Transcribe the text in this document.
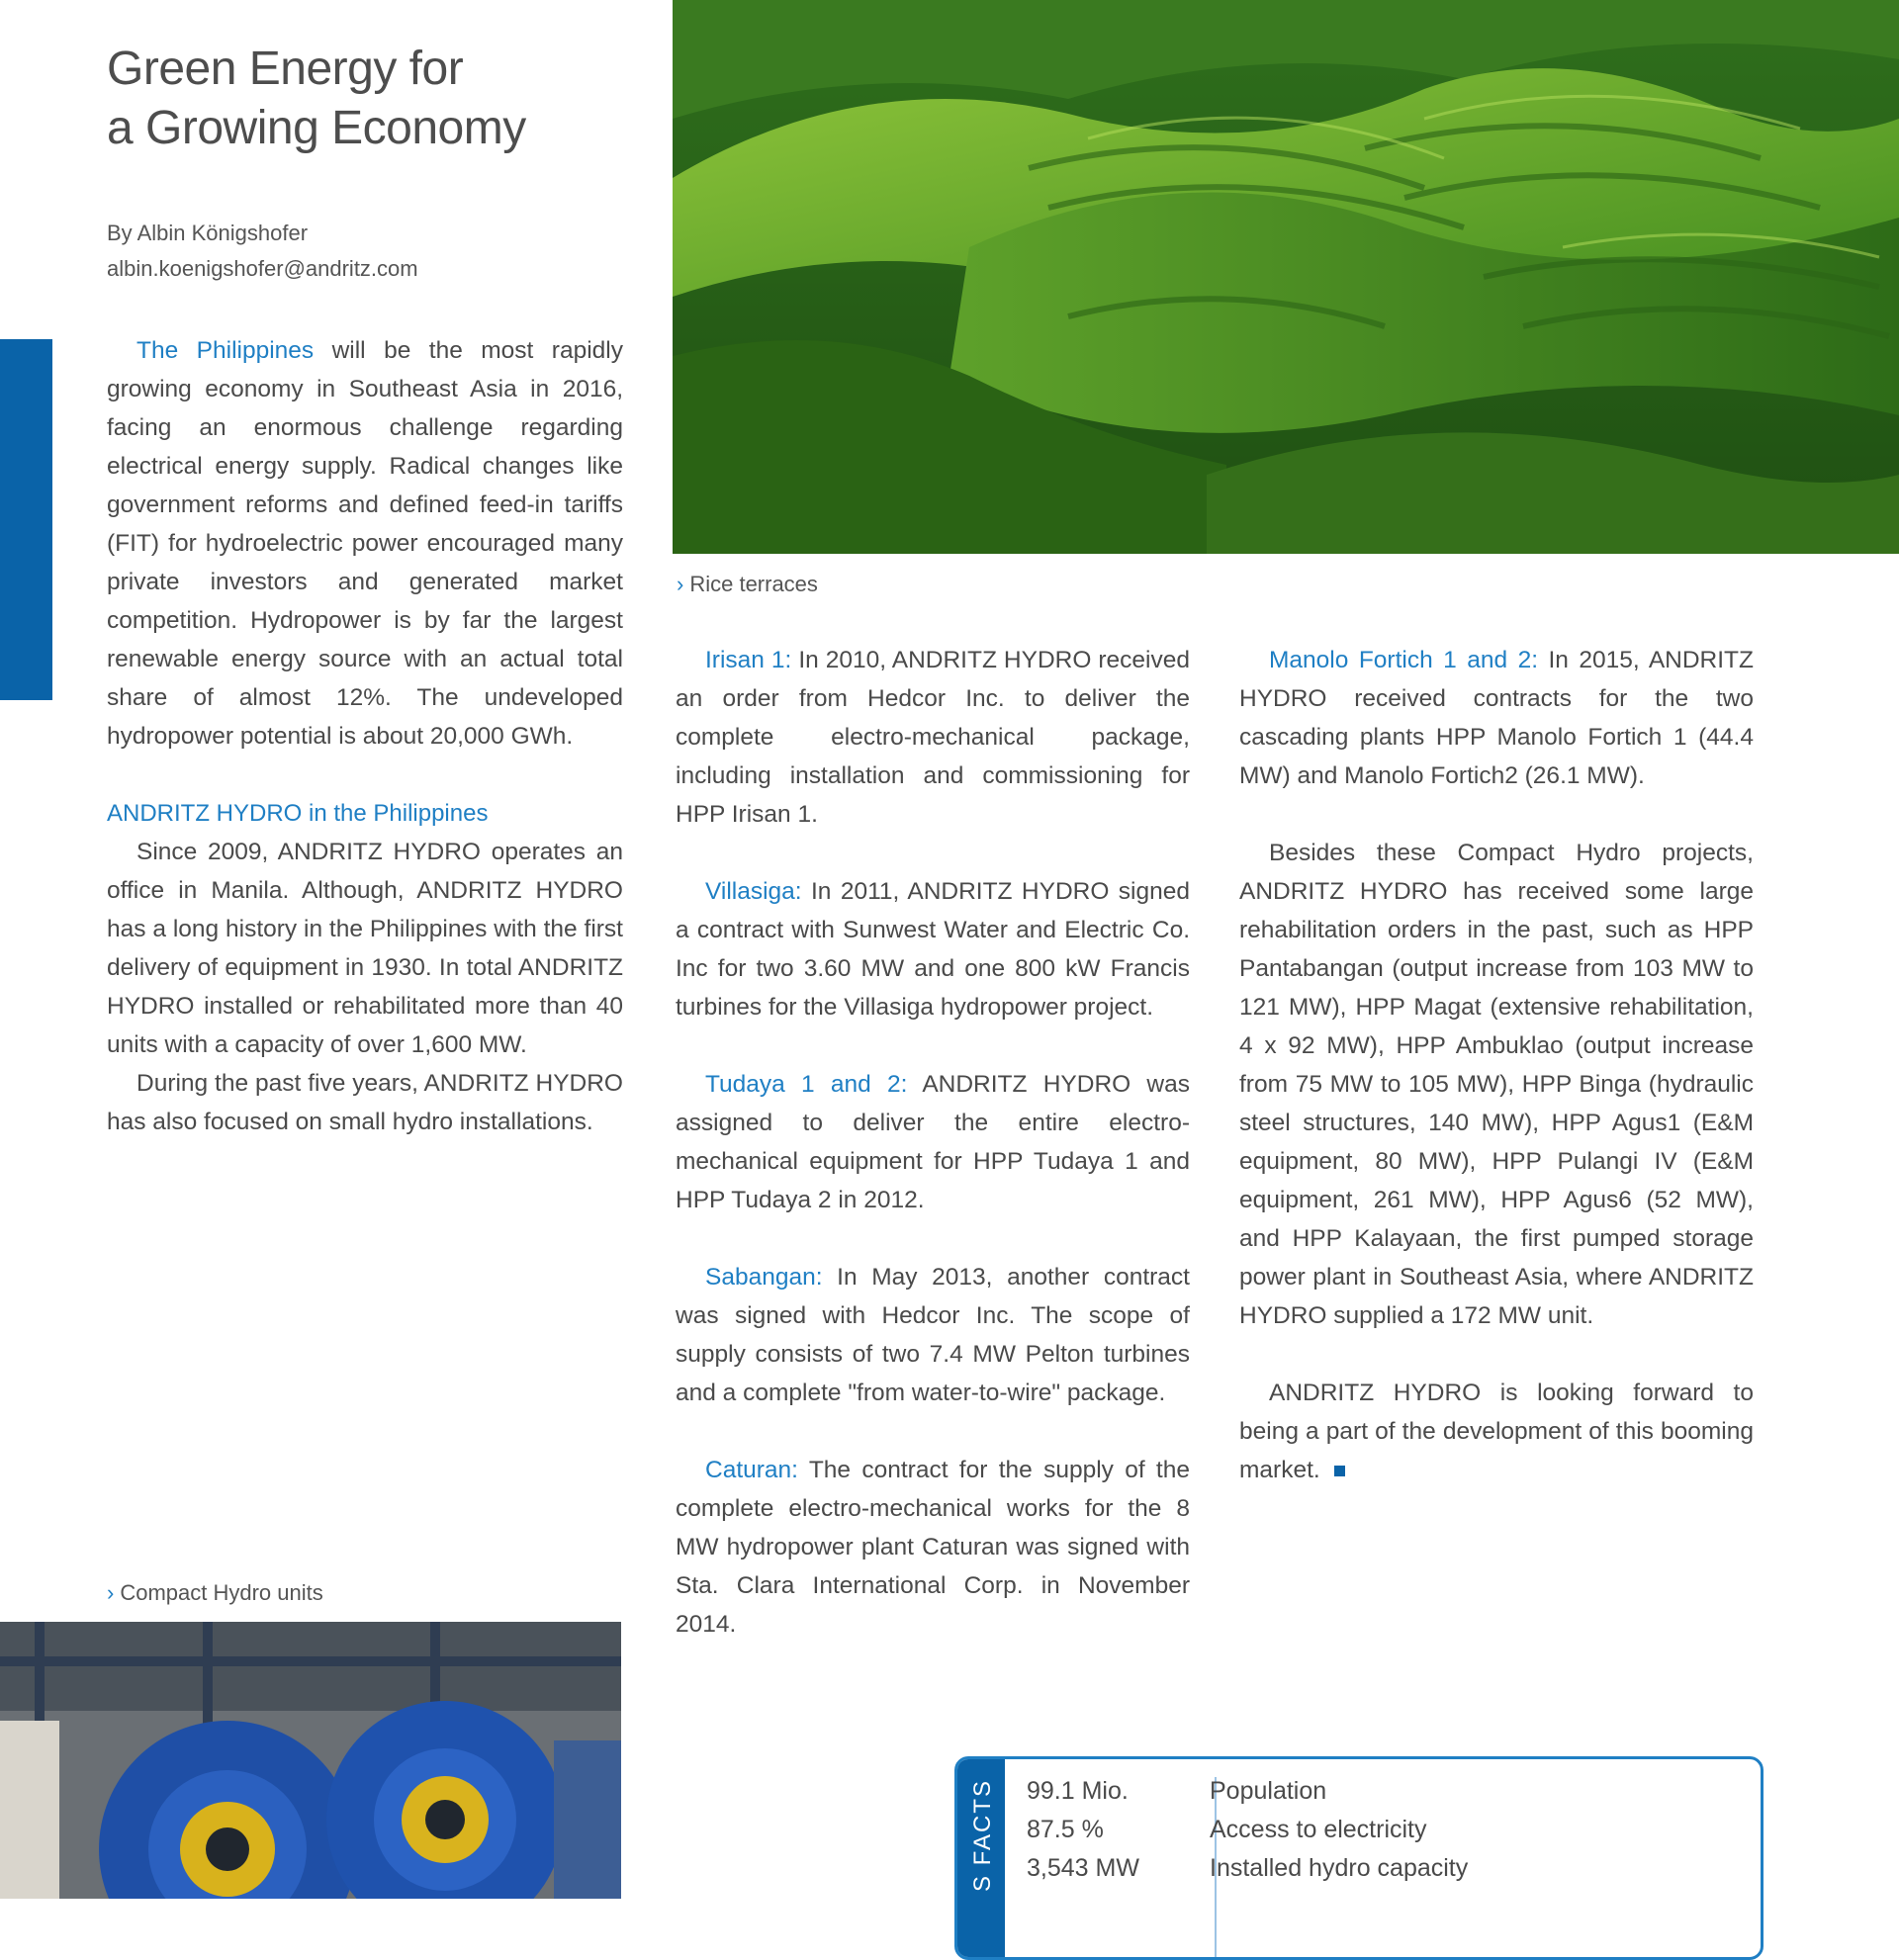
Green Energy for
a Growing Economy
By Albin Königshofer
albin.koenigshofer@andritz.com
› Rice terraces

The Philippines will be the most rapidly growing economy in Southeast Asia in 2016, facing an enormous challenge regarding electrical energy supply. Radical changes like government reforms and defined feed-in tariffs (FIT) for hydroelectric power encouraged many private investors and generated market competition. Hydropower is by far the largest renewable energy source with an actual total share of almost 12%. The undeveloped hydropower potential is about 20,000 GWh.

ANDRITZ HYDRO in the Philippines

Since 2009, ANDRITZ HYDRO operates an office in Manila. Although, ANDRITZ HYDRO has a long history in the Philippines with the first delivery of equipment in 1930. In total ANDRITZ HYDRO installed or rehabilitated more than 40 units with a capacity of over 1,600 MW.

During the past five years, ANDRITZ HYDRO has also focused on small hydro installations.

› Compact Hydro units

Irisan 1: In 2010, ANDRITZ HYDRO received an order from Hedcor Inc. to deliver the complete electro-mechanical package, including installation and commissioning for HPP Irisan 1.

Villasiga: In 2011, ANDRITZ HYDRO signed a contract with Sunwest Water and Electric Co. Inc for two 3.60 MW and one 800 kW Francis turbines for the Villasiga hydropower project.

Tudaya 1 and 2: ANDRITZ HYDRO was assigned to deliver the entire electro-mechanical equipment for HPP Tudaya 1 and HPP Tudaya 2 in 2012.

Sabangan: In May 2013, another contract was signed with Hedcor Inc. The scope of supply consists of two 7.4 MW Pelton turbines and a complete "from water-to-wire" package.

Caturan: The contract for the supply of the complete electro-mechanical works for the 8 MW hydropower plant Caturan was signed with Sta. Clara International Corp. in November 2014.

Manolo Fortich 1 and 2: In 2015, ANDRITZ HYDRO received contracts for the two cascading plants HPP Manolo Fortich 1 (44.4 MW) and Manolo Fortich2 (26.1 MW).

Besides these Compact Hydro projects, ANDRITZ HYDRO has received some large rehabilitation orders in the past, such as HPP Pantabangan (output increase from 103 MW to 121 MW), HPP Magat (extensive rehabilitation, 4 x 92 MW), HPP Ambuklao (output increase from 75 MW to 105 MW), HPP Binga (hydraulic steel structures, 140 MW), HPP Agus1 (E&M equipment, 80 MW), HPP Pulangi IV (E&M equipment, 261 MW), HPP Agus6 (52 MW), and HPP Kalayaan, the first pumped storage power plant in Southeast Asia, where ANDRITZ HYDRO supplied a 172 MW unit.

ANDRITZ HYDRO is looking forward to being a part of the development of this booming market.

S FACTS 99.1 Mio.	Population
87.5 %	Access to electricity
3,543 MW	Installed hydro capacity
